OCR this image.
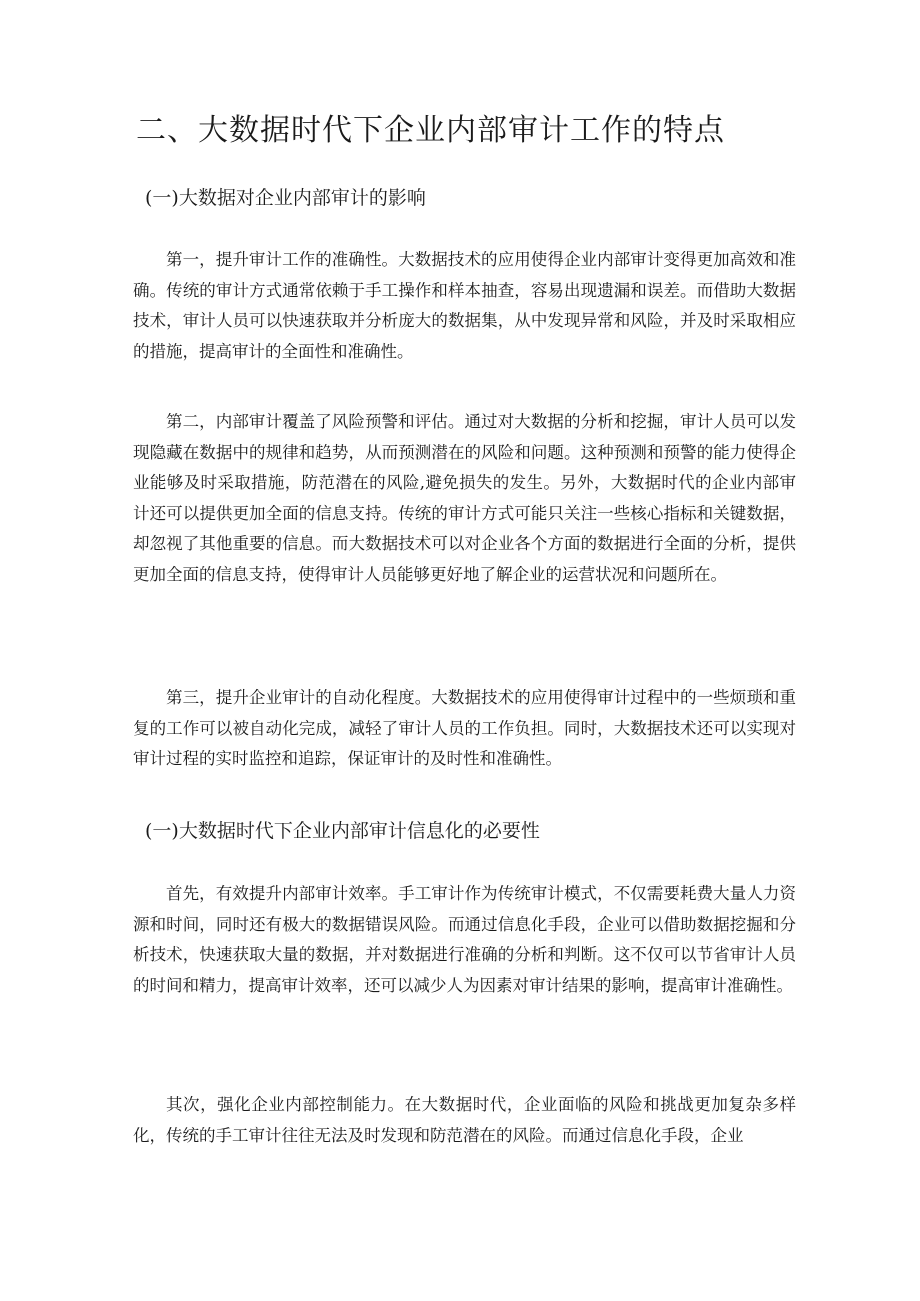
二、大数据时代下企业内部审计工作的特点
(一)大数据对企业内部审计的影响

第一，提升审计工作的准确性。大数据技术的应用使得企业内部审计变得更加高效和准确。传统的审计方式通常依赖于手工操作和样本抽查，容易出现遗漏和误差。而借助大数据技术，审计人员可以快速获取并分析庞大的数据集，从中发现异常和风险，并及时采取相应的措施，提高审计的全面性和准确性。

第二，内部审计覆盖了风险预警和评估。通过对大数据的分析和挖掘，审计人员可以发现隐藏在数据中的规律和趋势，从而预测潜在的风险和问题。这种预测和预警的能力使得企业能够及时采取措施，防范潜在的风险,避免损失的发生。另外，大数据时代的企业内部审计还可以提供更加全面的信息支持。传统的审计方式可能只关注一些核心指标和关键数据，却忽视了其他重要的信息。而大数据技术可以对企业各个方面的数据进行全面的分析，提供更加全面的信息支持，使得审计人员能够更好地了解企业的运营状况和问题所在。

第三，提升企业审计的自动化程度。大数据技术的应用使得审计过程中的一些烦琐和重复的工作可以被自动化完成，减轻了审计人员的工作负担。同时，大数据技术还可以实现对审计过程的实时监控和追踪，保证审计的及时性和准确性。

(一)大数据时代下企业内部审计信息化的必要性

首先，有效提升内部审计效率。手工审计作为传统审计模式，不仅需要耗费大量人力资源和时间，同时还有极大的数据错误风险。而通过信息化手段，企业可以借助数据挖掘和分析技术，快速获取大量的数据，并对数据进行准确的分析和判断。这不仅可以节省审计人员的时间和精力，提高审计效率，还可以减少人为因素对审计结果的影响，提高审计准确性。

其次，强化企业内部控制能力。在大数据时代，企业面临的风险和挑战更加复杂多样化，传统的手工审计往往无法及时发现和防范潜在的风险。而通过信息化手段，企业
